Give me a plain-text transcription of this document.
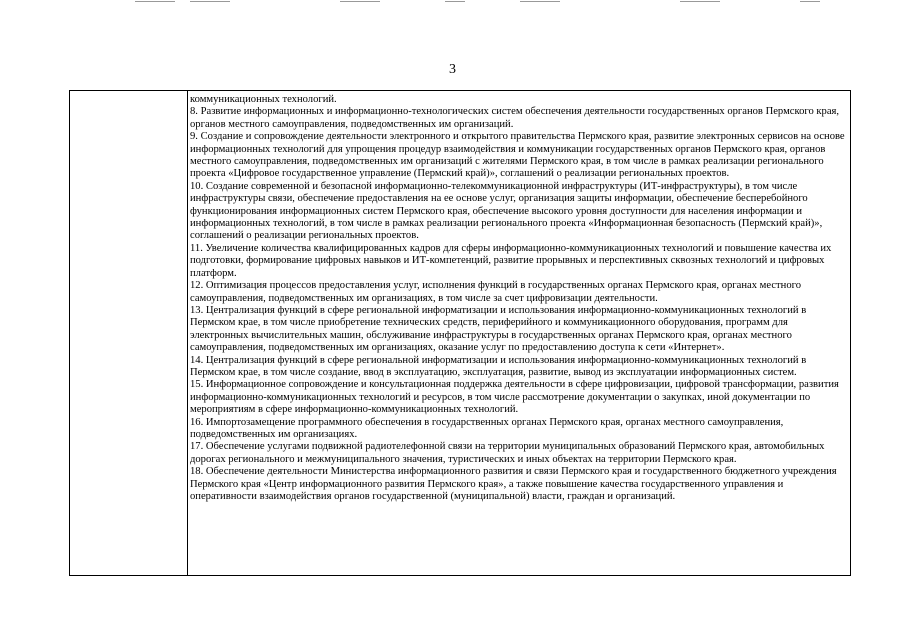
3

коммуникационных технологий.

8. Развитие информационных и информационно-технологических систем обеспечения деятельности государственных органов Пермского края, органов местного самоуправления, подведомственных им организаций.

9. Создание и сопровождение деятельности электронного и открытого правительства Пермского края, развитие электронных сервисов на основе информационных технологий для упрощения процедур взаимодействия и коммуникации государственных органов Пермского края, органов местного самоуправления, подведомственных им организаций с жителями Пермского края, в том числе в рамках реализации регионального проекта «Цифровое государственное управление (Пермский край)», соглашений о реализации региональных проектов.

10. Создание современной и безопасной информационно-телекоммуникационной инфраструктуры (ИТ-инфраструктуры), в том числе инфраструктуры связи, обеспечение предоставления на ее основе услуг, организация защиты информации, обеспечение бесперебойного функционирования информационных систем Пермского края, обеспечение высокого уровня доступности для населения информации и информационных технологий, в том числе в рамках реализации регионального проекта «Информационная безопасность (Пермский край)», соглашений о реализации региональных проектов.

11. Увеличение количества квалифицированных кадров для сферы информационно-коммуникационных технологий и повышение качества их подготовки, формирование цифровых навыков и ИТ-компетенций, развитие прорывных и перспективных сквозных технологий и цифровых платформ.

12. Оптимизация процессов предоставления услуг, исполнения функций в государственных органах Пермского края, органах местного самоуправления, подведомственных им организациях, в том числе за счет цифровизации деятельности.

13. Централизация функций в сфере региональной информатизации и использования информационно-коммуникационных технологий в Пермском крае, в том числе приобретение технических средств, периферийного и коммуникационного оборудования, программ для электронных вычислительных машин, обслуживание инфраструктуры в государственных органах Пермского края, органах местного самоуправления, подведомственных им организациях, оказание услуг по предоставлению доступа к сети «Интернет».

14. Централизация функций в сфере региональной информатизации и использования информационно-коммуникационных технологий в Пермском крае, в том числе создание, ввод в эксплуатацию, эксплуатация, развитие, вывод из эксплуатации информационных систем.

15. Информационное сопровождение и консультационная поддержка деятельности в сфере цифровизации, цифровой трансформации, развития информационно-коммуникационных технологий и ресурсов, в том числе рассмотрение документации о закупках, иной документации по мероприятиям в сфере информационно-коммуникационных технологий.

16. Импортозамещение программного обеспечения в государственных органах Пермского края, органах местного самоуправления, подведомственных им организациях.

17. Обеспечение услугами подвижной радиотелефонной связи на территории муниципальных образований Пермского края, автомобильных дорогах регионального и межмуниципального значения, туристических и иных объектах на территории Пермского края.

18. Обеспечение деятельности Министерства информационного развития и связи Пермского края и государственного бюджетного учреждения Пермского края «Центр информационного развития Пермского края», а также повышение качества государственного управления и оперативности взаимодействия органов государственной (муниципальной) власти, граждан и организаций.
